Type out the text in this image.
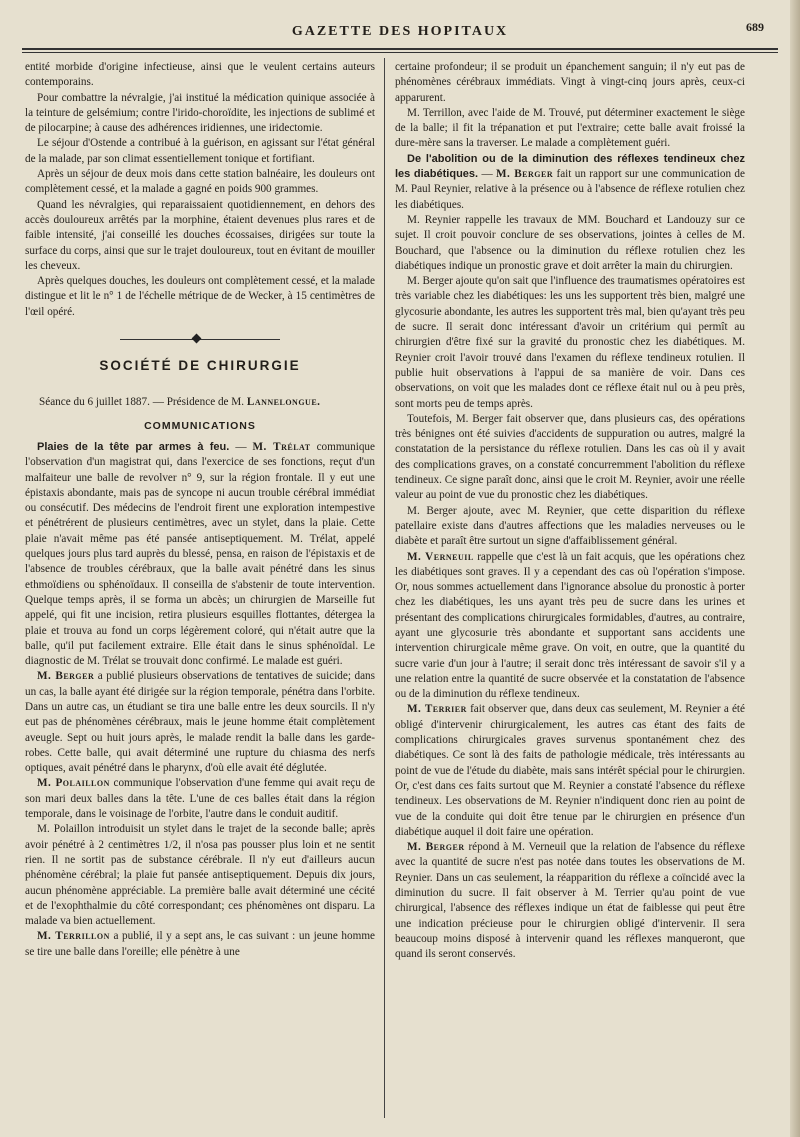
GAZETTE DES HOPITAUX	689

entité morbide d'origine infectieuse, ainsi que le veulent certains auteurs contemporains.

Pour combattre la névralgie, j'ai institué la médication quinique associée à la teinture de gelsémium; contre l'irido-choroïdite, les injections de sublimé et de pilocarpine; à cause des adhérences iridiennes, une iridectomie.

Le séjour d'Ostende a contribué à la guérison, en agissant sur l'état général de la malade, par son climat essentiellement tonique et fortifiant.

Après un séjour de deux mois dans cette station balnéaire, les douleurs ont complètement cessé, et la malade a gagné en poids 900 grammes.

Quand les névralgies, qui reparaissaient quotidiennement, en dehors des accès douloureux arrêtés par la morphine, étaient devenues plus rares et de faible intensité, j'ai conseillé les douches écossaises, dirigées sur toute la surface du corps, ainsi que sur le trajet douloureux, tout en évitant de mouiller les cheveux.

Après quelques douches, les douleurs ont complètement cessé, et la malade distingue et lit le n° 1 de l'échelle métrique de de Wecker, à 15 centimètres de l'œil opéré.

SOCIÉTÉ DE CHIRURGIE

Séance du 6 juillet 1887. — Présidence de M. Lannelongue.

COMMUNICATIONS

Plaies de la tête par armes à feu. — M. Trélat communique l'observation d'un magistrat qui, dans l'exercice de ses fonctions, reçut d'un malfaiteur une balle de revolver n° 9, sur la région frontale. Il y eut une épistaxis abondante, mais pas de syncope ni aucun trouble cérébral immédiat ou consécutif. Des médecins de l'endroit firent une exploration intempestive et pénétrérent de plusieurs centimètres, avec un stylet, dans la plaie. Cette plaie n'avait même pas été pansée antiseptiquement. M. Trélat, appelé quelques jours plus tard auprès du blessé, pensa, en raison de l'épistaxis et de l'absence de troubles cérébraux, que la balle avait pénétré dans les sinus ethmoïdiens ou sphénoïdaux. Il conseilla de s'abstenir de toute intervention. Quelque temps après, il se forma un abcès; un chirurgien de Marseille fut appelé, qui fit une incision, retira plusieurs esquilles flottantes, détergea la plaie et trouva au fond un corps légèrement coloré, qui n'était autre que la balle, qu'il put facilement extraire. Elle était dans le sinus sphénoïdal. Le diagnostic de M. Trélat se trouvait donc confirmé. Le malade est guéri.

M. Berger a publié plusieurs observations de tentatives de suicide; dans un cas, la balle ayant été dirigée sur la région temporale, pénétra dans l'orbite. Dans un autre cas, un étudiant se tira une balle entre les deux sourcils. Il n'y eut pas de phénomènes cérébraux, mais le jeune homme était complètement aveugle. Sept ou huit jours après, le malade rendit la balle dans les garde-robes. Cette balle, qui avait déterminé une rupture du chiasma des nerfs optiques, avait pénétré dans le pharynx, d'où elle avait été déglutée.

M. Polaillon communique l'observation d'une femme qui avait reçu de son mari deux balles dans la tête. L'une de ces balles était dans la région temporale, dans le voisinage de l'orbite, l'autre dans le conduit auditif.

M. Polaillon introduisit un stylet dans le trajet de la seconde balle; après avoir pénétré à 2 centimètres 1/2, il n'osa pas pousser plus loin et ne sentit rien. Il ne sortit pas de substance cérébrale. Il n'y eut d'ailleurs aucun phénomène cérébral; la plaie fut pansée antiseptiquement. Depuis dix jours, aucun phénomène appréciable. La première balle avait déterminé une cécité et de l'exophthalmie du côté correspondant; ces phénomènes ont disparu. La malade va bien actuellement.

M. Terrillon a publié, il y a sept ans, le cas suivant : un jeune homme se tire une balle dans l'oreille; elle pénètre à une

certaine profondeur; il se produit un épanchement sanguin; il n'y eut pas de phénomènes cérébraux immédiats. Vingt à vingt-cinq jours après, ceux-ci apparurent.

M. Terrillon, avec l'aide de M. Trouvé, put déterminer exactement le siège de la balle; il fit la trépanation et put l'extraire; cette balle avait froissé la dure-mère sans la traverser. Le malade a complètement guéri.

De l'abolition ou de la diminution des réflexes tendineux chez les diabétiques. — M. Berger fait un rapport sur une communication de M. Paul Reynier, relative à la présence ou à l'absence de réflexe rotulien chez les diabétiques.

M. Reynier rappelle les travaux de MM. Bouchard et Landouzy sur ce sujet. Il croit pouvoir conclure de ses observations, jointes à celles de M. Bouchard, que l'absence ou la diminution du réflexe rotulien chez les diabétiques indique un pronostic grave et doit arrêter la main du chirurgien.

M. Berger ajoute qu'on sait que l'influence des traumatismes opératoires est très variable chez les diabétiques: les uns les supportent très bien, malgré une glycosurie abondante, les autres les supportent très mal, bien qu'ayant très peu de sucre. Il serait donc intéressant d'avoir un critérium qui permît au chirurgien d'être fixé sur la gravité du pronostic chez les diabétiques. M. Reynier croit l'avoir trouvé dans l'examen du réflexe tendineux rotulien. Il publie huit observations à l'appui de sa manière de voir. Dans ces observations, on voit que les malades dont ce réflexe était nul ou à peu près, sont morts peu de temps après.

Toutefois, M. Berger fait observer que, dans plusieurs cas, des opérations très bénignes ont été suivies d'accidents de suppuration ou autres, malgré la constatation de la persistance du réflexe rotulien. Dans les cas où il y avait des complications graves, on a constaté concurremment l'abolition du réflexe tendineux. Ce signe paraît donc, ainsi que le croit M. Reynier, avoir une réelle valeur au point de vue du pronostic chez les diabétiques.

M. Berger ajoute, avec M. Reynier, que cette disparition du réflexe patellaire existe dans d'autres affections que les maladies nerveuses ou le diabète et paraît être surtout un signe d'affaiblissement général.

M. Verneuil rappelle que c'est là un fait acquis, que les opérations chez les diabétiques sont graves. Il y a cependant des cas où l'opération s'impose. Or, nous sommes actuellement dans l'ignorance absolue du pronostic à porter chez les diabétiques, les uns ayant très peu de sucre dans les urines et présentant des complications chirurgicales formidables, d'autres, au contraire, ayant une glycosurie très abondante et supportant sans accidents une intervention chirurgicale même grave. On voit, en outre, que la quantité du sucre varie d'un jour à l'autre; il serait donc très intéressant de savoir s'il y a une relation entre la quantité de sucre observée et la constatation de l'absence ou de la diminution du réflexe tendineux.

M. Terrier fait observer que, dans deux cas seulement, M. Reynier a été obligé d'intervenir chirurgicalement, les autres cas étant des faits de complications chirurgicales graves survenus spontanément chez des diabétiques. Ce sont là des faits de pathologie médicale, très intéressants au point de vue de l'étude du diabète, mais sans intérêt spécial pour le chirurgien. Or, c'est dans ces faits surtout que M. Reynier a constaté l'absence du réflexe tendineux. Les observations de M. Reynier n'indiquent donc rien au point de vue de la conduite qui doit être tenue par le chirurgien en présence d'un diabétique auquel il doit faire une opération.

M. Berger répond à M. Verneuil que la relation de l'absence du réflexe avec la quantité de sucre n'est pas notée dans toutes les observations de M. Reynier. Dans un cas seulement, la réapparition du réflexe a coïncidé avec la diminution du sucre. Il fait observer à M. Terrier qu'au point de vue chirurgical, l'absence des réflexes indique un état de faiblesse qui peut être une indication précieuse pour le chirurgien obligé d'intervenir. Il sera beaucoup moins disposé à intervenir quand les réflexes manqueront, que quand ils seront conservés.
